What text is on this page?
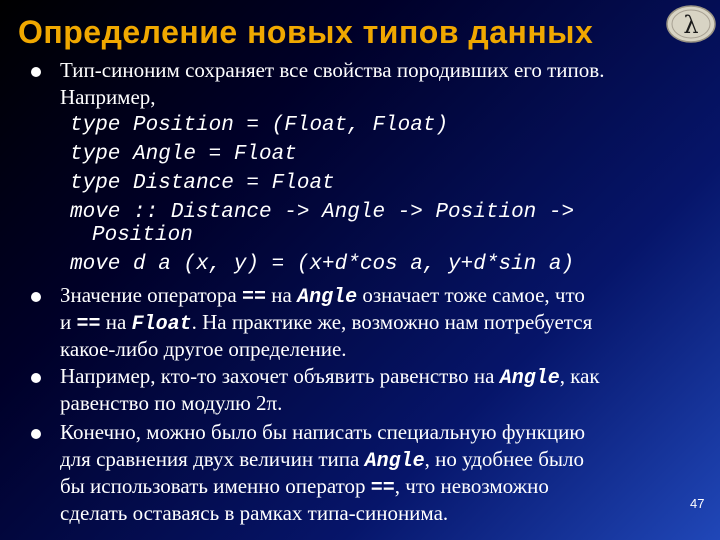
Определение новых типов данных	λ
Тип-синоним сохраняет все свойства породивших его типов.
Например,
type Position = (Float, Float)
type Angle = Float
type Distance = Float
move :: Distance -> Angle -> Position ->
Position
move d a (x, y) = (x+d*cos a, y+d*sin a)
Значение оператора == на Angle означает тоже самое, что
и == на Float. На практике же, возможно нам потребуется
какое-либо другое определение.
Например, кто-то захочет объявить равенство на Angle, как
равенство по модулю 2π.
Конечно, можно было бы написать специальную функцию
для сравнения двух величин типа Angle, но удобнее было
бы использовать именно оператор ==, что невозможно
сделать оставаясь в рамках типа-синонима.	47
